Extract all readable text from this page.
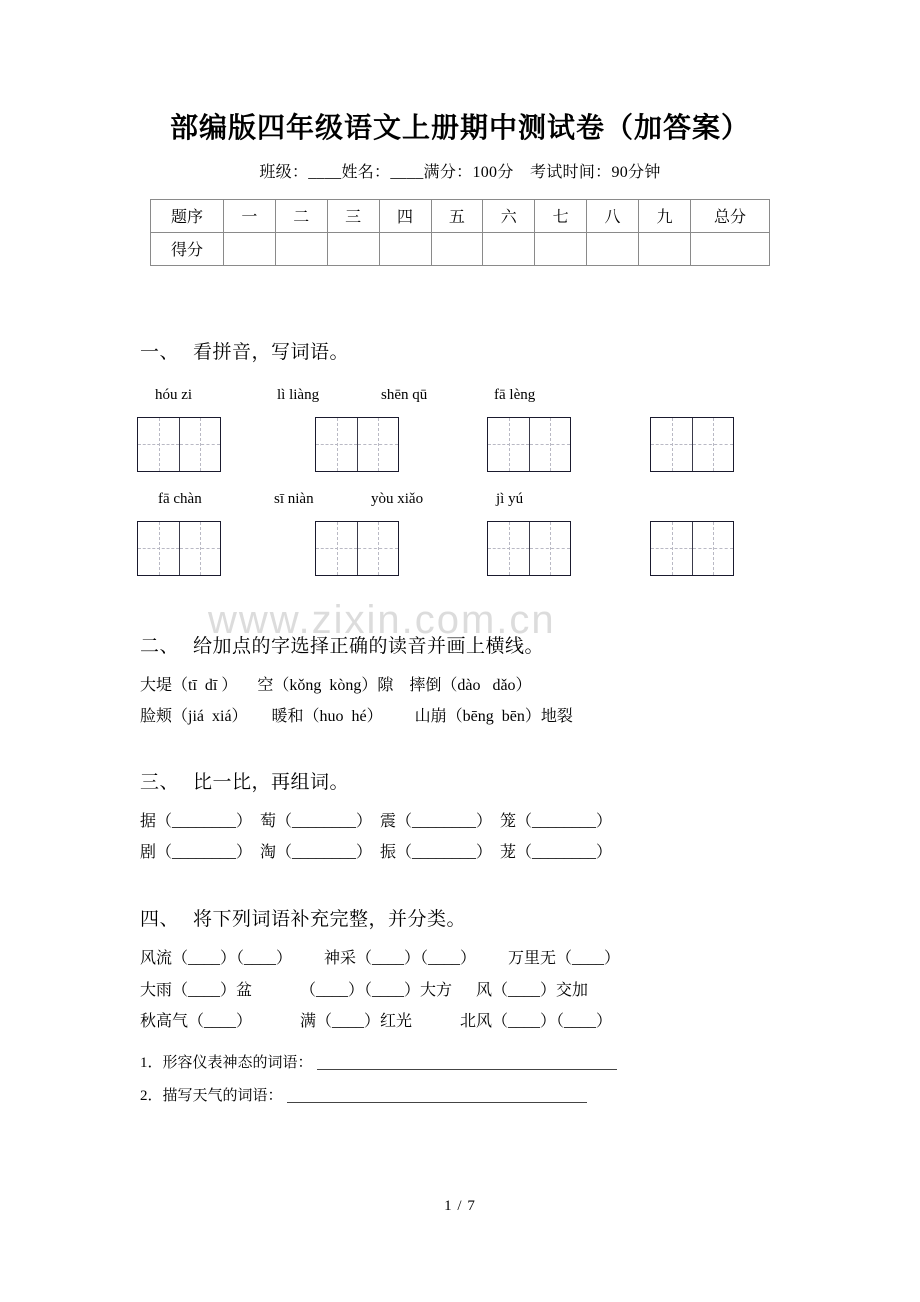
www.zixin.com.cn
部编版四年级语文上册期中测试卷（加答案）

班级：____姓名：____满分：100分　考试时间：90分钟

题序	一	二	三	四	五	六	七	八	九	总分
得分										

一、 看拼音，写词语。

hóu zi	lì liàng	shēn qū	fā lèng
fā chàn	sī niàn	yòu xiǎo	jì yú

二、 给加点的字选择正确的读音并画上横线。

大堤（tī  dī ）     空（kǒng  kòng）隙    摔倒（dào   dǎo）
脸颊（jiá  xiá）      暖和（huo  hé）        山崩（bēng  bēn）地裂

三、 比一比，再组词。

据（________）  萄（________）  震（________）  笼（________）
剧（________）  淘（________）  振（________）  茏（________）

四、 将下列词语补充完整，并分类。

风流（____）（____）        神采（____）（____）        万里无（____）
大雨（____）盆            （____）（____）大方      风（____）交加
秋高气（____）            满（____）红光            北风（____）（____）
1．形容仪表神态的词语：
2．描写天气的词语：
1 / 7
